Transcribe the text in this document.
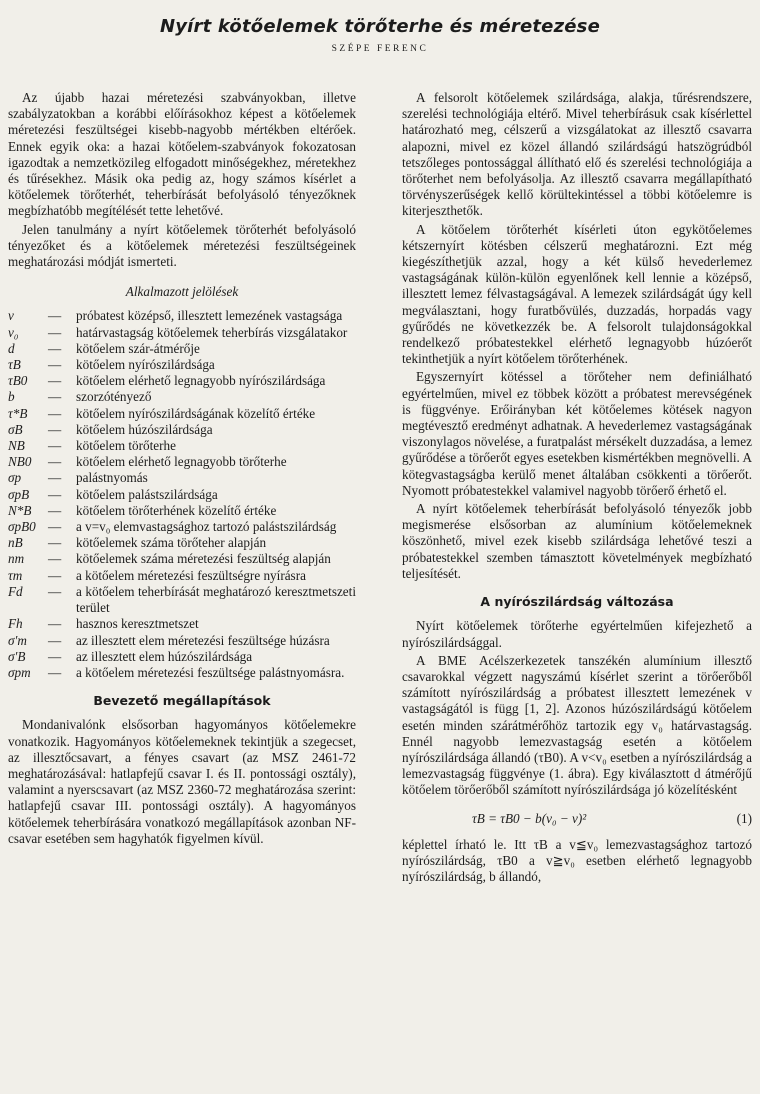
Nyírt kötőelemek törőterhe és méretezése
SZÉPE FERENC

Az újabb hazai méretezési szabványokban, illetve szabályzatokban a korábbi előírásokhoz képest a kötőelemek méretezési feszültségei kisebb-nagyobb mértékben eltérőek. Ennek egyik oka: a hazai kötőelem-szabványok fokozatosan igazodtak a nemzetközileg elfogadott minőségekhez, méretekhez és tűrésekhez. Másik oka pedig az, hogy számos kísérlet a kötőelemek törőterhét, teherbírását befolyásoló tényezőknek megbízhatóbb megítélését tette lehetővé.

Jelen tanulmány a nyírt kötőelemek törőterhét befolyásoló tényezőket és a kötőelemek méretezési feszültségeinek meghatározási módját ismerteti.

Alkalmazott jelölések
v	—	próbatest középső, illesztett lemezének vastagsága
v₀	—	határvastagság kötőelemek teherbírás vizsgálatakor
d	—	kötőelem szár-átmérője
τB	—	kötőelem nyírószilárdsága
τB0	—	kötőelem elérhető legnagyobb nyírószilárdsága
b	—	szorzótényező
τ*B	—	kötőelem nyírószilárdságának közelítő értéke
σB	—	kötőelem húzószilárdsága
NB	—	kötőelem törőterhe
NB0	—	kötőelem elérhető legnagyobb törőterhe
σp	—	palástnyomás
σpB	—	kötőelem palástszilárdsága
N*B	—	kötőelem törőterhének közelítő értéke
σpB0 —	a v=v₀ elemvastagsághoz tartozó palástszilárdság
nB	—	kötőelemek száma törőteher alapján
nm	—	kötőelemek száma méretezési feszültség alapján
τm	—	a kötőelem méretezési feszültségre nyírásra
Fd	—	a kötőelem teherbírását meghatározó keresztmetszeti terület
Fh	—	hasznos keresztmetszet
σ′m	—	az illesztett elem méretezési feszültsége húzásra
σ′B	—	az illesztett elem húzószilárdsága
σpm	—	a kötőelem méretezési feszültsége palástnyomásra.
Bevezető megállapítások

Mondanivalónk elsősorban hagyományos kötőelemekre vonatkozik. Hagyományos kötőelemeknek tekintjük a szegecset, az illesztőcsavart, a fényes csavart (az MSZ 2461-72 meghatározásával: hatlapfejű csavar I. és II. pontossági osztály), valamint a nyerscsavart (az MSZ 2360-72 meghatározása szerint: hatlapfejű csavar III. pontossági osztály). A hagyományos kötőelemek teherbírására vonatkozó megállapítások azonban NF-csavar esetében sem hagyhatók figyelmen kívül.

A felsorolt kötőelemek szilárdsága, alakja, tűrésrendszere, szerelési technológiája eltérő. Mivel teherbírásuk csak kísérlettel határozható meg, célszerű a vizsgálatokat az illesztő csavarra alapozni, mivel ez közel állandó szilárdságú hatszögrúdból tetszőleges pontossággal állítható elő és szerelési technológiája a törőterhet nem befolyásolja. Az illesztő csavarra megállapítható törvényszerűségek kellő körültekintéssel a többi kötőelemre is kiterjeszthetők.

A kötőelem törőterhét kísérleti úton egykötőelemes kétszernyírt kötésben célszerű meghatározni. Ezt még kiegészíthetjük azzal, hogy a két külső hevederlemez vastagságának külön-külön egyenlőnek kell lennie a középső, illesztett lemez félvastagságával. A lemezek szilárdságát úgy kell megválasztani, hogy furatbővülés, duzzadás, horpadás vagy gyűrődés ne következzék be. A felsorolt tulajdonságokkal rendelkező próbatestekkel elérhető legnagyobb húzóerőt tekinthetjük a nyírt kötőelem törőterhének.

Egyszernyírt kötéssel a törőteher nem definiálható egyértelműen, mivel ez többek között a próbatest merevségének is függvénye. Erőirányban két kötőelemes kötések nagyon megtévesztő eredményt adhatnak. A hevederlemez vastagságának viszonylagos növelése, a furatpalást mérsékelt duzzadása, a lemez gyűrődése a törőerőt egyes esetekben kismértékben megnövelli. A kötegvastagságba kerülő menet általában csökkenti a törőerőt. Nyomott próbatestekkel valamivel nagyobb törőerő érhető el.

A nyírt kötőelemek teherbírását befolyásoló tényezők jobb megismerése elsősorban az alumínium kötőelemeknek köszönhető, mivel ezek kisebb szilárdsága lehetővé teszi a próbatestekkel szemben támasztott követelmények megbízható teljesítését.

A nyírószilárdság változása

Nyírt kötőelemek törőterhe egyértelműen kifejezhető a nyírószilárdsággal.

A BME Acélszerkezetek tanszékén alumínium illesztő csavarokkal végzett nagyszámú kísérlet szerint a törőerőből számított nyírószilárdság a próbatest illesztett lemezének v vastagságától is függ [1, 2]. Azonos húzószilárdságú kötőelem esetén minden szárátmérőhöz tartozik egy v₀ határvastagság. Ennél nagyobb lemezvastagság esetén a kötőelem nyírószilárdsága állandó (τB0). A v<v₀ esetben a nyírószilárdság a lemezvastagság függvénye (1. ábra). Egy kiválasztott d átmérőjű kötőelem törőerőből számított nyírószilárdsága jó közelítésként

τB = τB0 − b(v₀ − v)²	(1)

képlettel írható le. Itt τB a v≦v₀ lemezvastagsághoz tartozó nyírószilárdság, τB0 a v≧v₀ esetben elérhető legnagyobb nyírószilárdság, b állandó,
